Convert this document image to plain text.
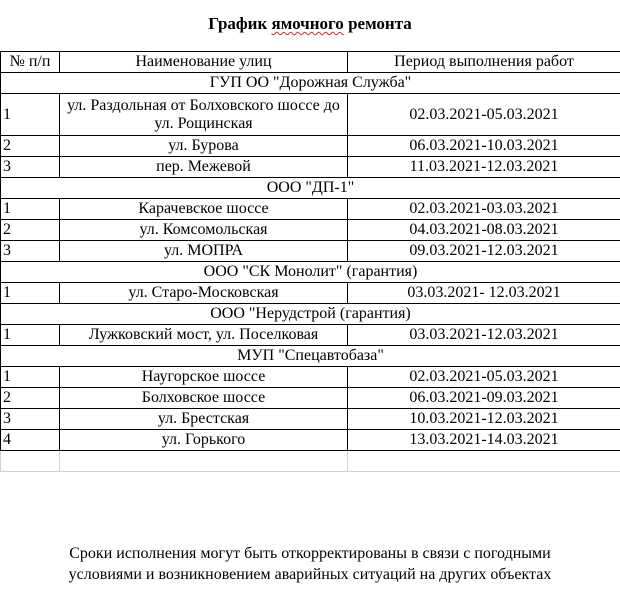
График ямочного ремонта
№ п/п	Наименование улиц	Период выполнения работ
ГУП ОО "Дорожная Служба"		
1	ул. Раздольная от Болховского шоссе до ул. Рощинская	02.03.2021-05.03.2021
2	ул. Бурова	06.03.2021-10.03.2021
3	пер. Межевой	11.03.2021-12.03.2021
ООО "ДП-1"		
1	Карачевское шоссе	02.03.2021-03.03.2021
2	ул. Комсомольская	04.03.2021-08.03.2021
3	ул. МОПРА	09.03.2021-12.03.2021
ООО "СК Монолит" (гарантия)		
1	ул. Старо-Московская	03.03.2021- 12.03.2021
ООО "Нерудстрой (гарантия)		
1	Лужковский мост, ул. Поселковая	03.03.2021-12.03.2021
МУП "Спецавтобаза"		
1	Наугорское шоссе	02.03.2021-05.03.2021
2	Болховское шоссе	06.03.2021-09.03.2021
3	ул. Брестская	10.03.2021-12.03.2021
4	ул. Горького	13.03.2021-14.03.2021

Сроки исполнения могут быть откорректированы в связи с погодными
условиями и возникновением аварийных ситуаций на других объектах
